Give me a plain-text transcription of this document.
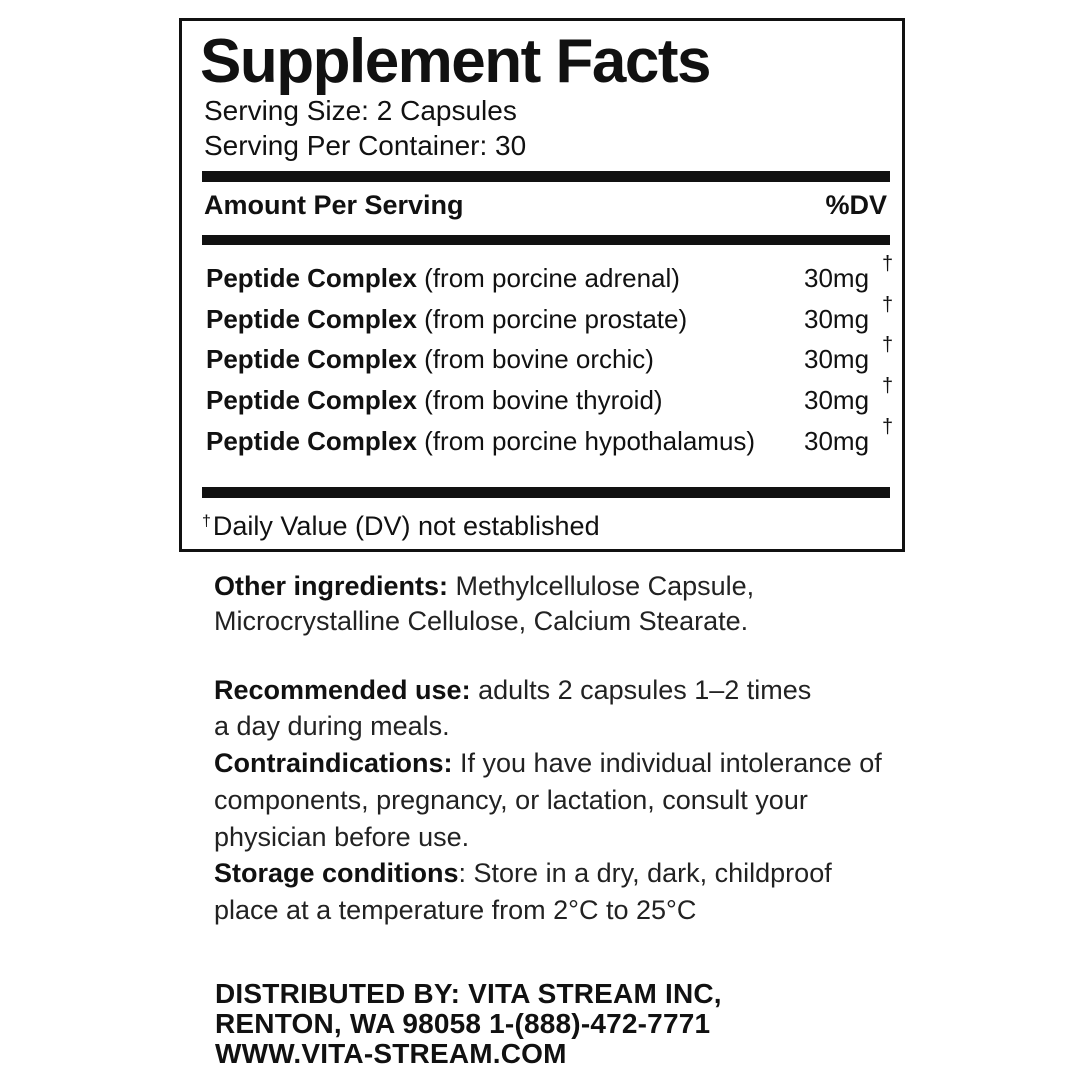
Supplement Facts
Serving Size: 2 Capsules
Serving Per Container: 30
Amount Per Serving	%DV
Peptide Complex (from porcine adrenal)	30mg †
Peptide Complex (from porcine prostate)	30mg †
Peptide Complex (from bovine orchic)	30mg †
Peptide Complex (from bovine thyroid)	30mg †
Peptide Complex (from porcine hypothalamus) 30mg †
†Daily Value (DV) not established
Other ingredients: Methylcellulose Capsule,
Microcrystalline Cellulose, Calcium Stearate.
Recommended use: adults 2 capsules 1–2 times
a day during meals.
Contraindications: If you have individual intolerance of
components, pregnancy, or lactation, consult your
physician before use.
Storage conditions: Store in a dry, dark, childproof
place at a temperature from 2°C to 25°C
DISTRIBUTED BY: VITA STREAM INC,
RENTON, WA 98058 1-(888)-472-7771
WWW.VITA-STREAM.COM
